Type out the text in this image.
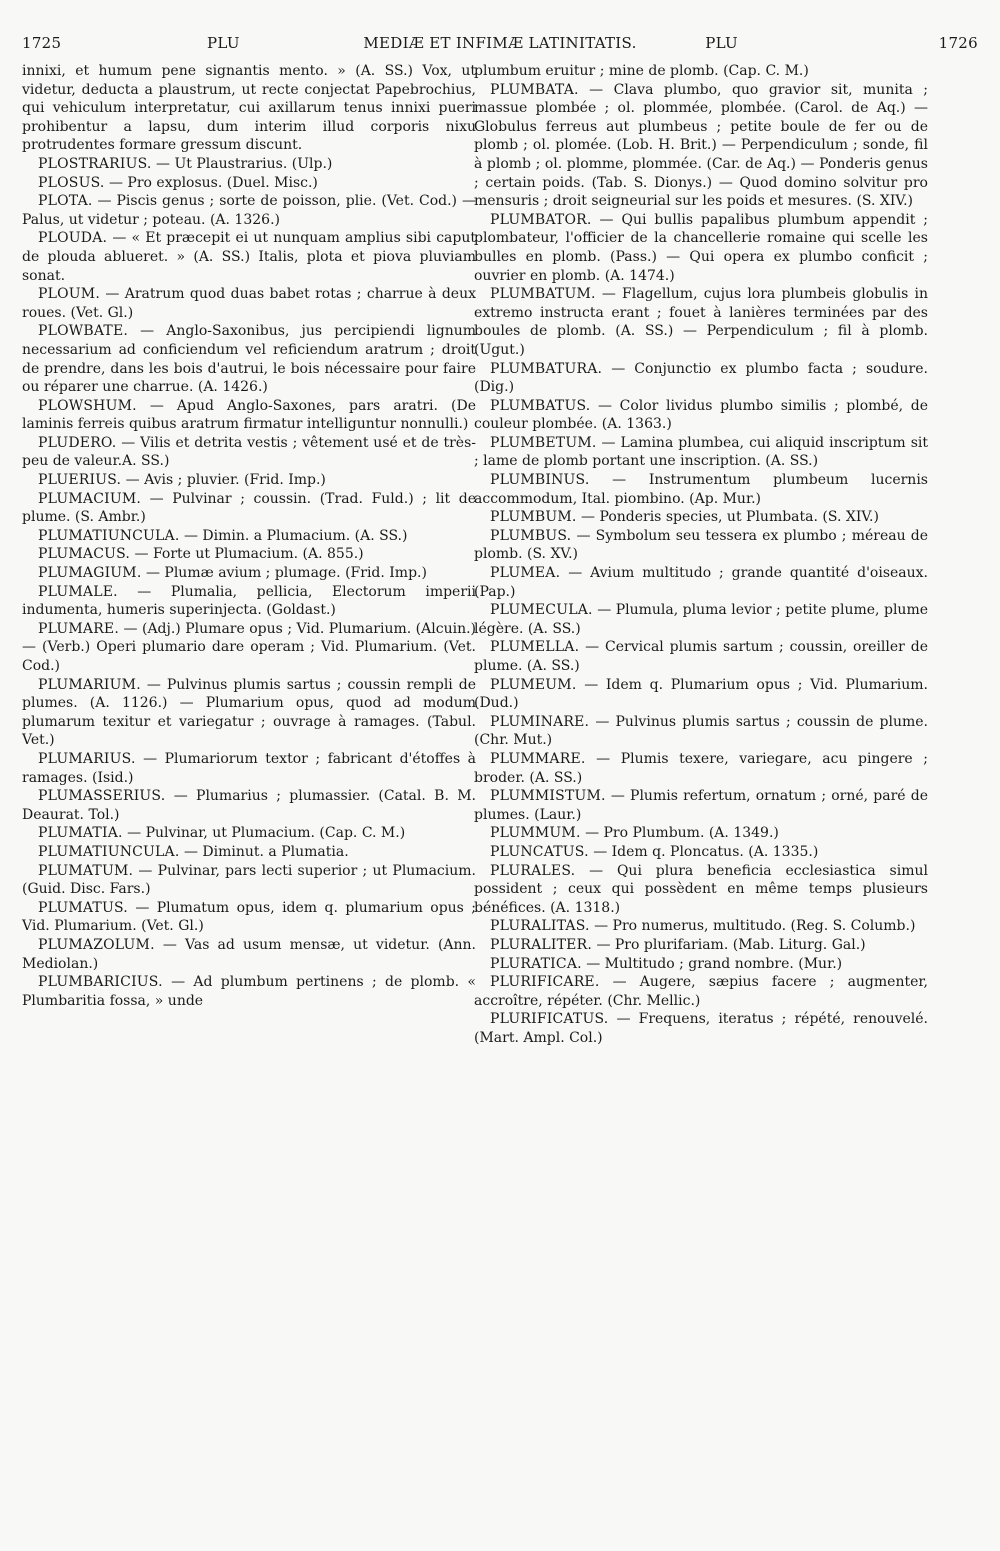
1725	PLU	MEDIÆ ET INFIMÆ LATINITATIS.	PLU	1726

innixi, et humum pene signantis mento. » (A. SS.) Vox, ut videtur, deducta a plaustrum, ut recte conjectat Papebrochius, qui vehiculum interpretatur, cui axillarum tenus innixi pueri prohibentur a lapsu, dum interim illud corporis nixu protrudentes formare gressum discunt.

PLOSTRARIUS. — Ut Plaustrarius. (Ulp.)

PLOSUS. — Pro explosus. (Duel. Misc.)

PLOTA. — Piscis genus ; sorte de poisson, plie. (Vet. Cod.) — Palus, ut videtur ; poteau. (A. 1326.)

PLOUDA. — « Et præcepit ei ut nunquam amplius sibi caput de plouda ablueret. » (A. SS.) Italis, plota et piova pluviam sonat.

PLOUM. — Aratrum quod duas babet rotas ; charrue à deux roues. (Vet. Gl.)

PLOWBATE. — Anglo-Saxonibus, jus percipiendi lignum necessarium ad conficiendum vel reficiendum aratrum ; droit de prendre, dans les bois d'autrui, le bois nécessaire pour faire ou réparer une charrue. (A. 1426.)

PLOWSHUM. — Apud Anglo-Saxones, pars aratri. (De laminis ferreis quibus aratrum firmatur intelliguntur nonnulli.)

PLUDERO. — Vilis et detrita vestis ; vêtement usé et de très-peu de valeur.A. SS.)

PLUERIUS. — Avis ; pluvier. (Frid. Imp.)

PLUMACIUM. — Pulvinar ; coussin. (Trad. Fuld.) ; lit de plume. (S. Ambr.)

PLUMATIUNCULA. — Dimin. a Plumacium. (A. SS.)

PLUMACUS. — Forte ut Plumacium. (A. 855.)

PLUMAGIUM. — Plumæ avium ; plumage. (Frid. Imp.)

PLUMALE. — Plumalia, pellicia, Electorum imperii indumenta, humeris superinjecta. (Goldast.)

PLUMARE. — (Adj.) Plumare opus ; Vid. Plumarium. (Alcuin.) — (Verb.) Operi plumario dare operam ; Vid. Plumarium. (Vet. Cod.)

PLUMARIUM. — Pulvinus plumis sartus ; coussin rempli de plumes. (A. 1126.) — Plumarium opus, quod ad modum plumarum texitur et variegatur ; ouvrage à ramages. (Tabul. Vet.)

PLUMARIUS. — Plumariorum textor ; fabricant d'étoffes à ramages. (Isid.)

PLUMASSERIUS. — Plumarius ; plumassier. (Catal. B. M. Deaurat. Tol.)

PLUMATIA. — Pulvinar, ut Plumacium. (Cap. C. M.)

PLUMATIUNCULA. — Diminut. a Plumatia.

PLUMATUM. — Pulvinar, pars lecti superior ; ut Plumacium. (Guid. Disc. Fars.)

PLUMATUS. — Plumatum opus, idem q. plumarium opus ; Vid. Plumarium. (Vet. Gl.)

PLUMAZOLUM. — Vas ad usum mensæ, ut videtur. (Ann. Mediolan.)

PLUMBARICIUS. — Ad plumbum pertinens ; de plomb. « Plumbaritia fossa, » unde

plumbum eruitur ; mine de plomb. (Cap. C. M.)

PLUMBATA. — Clava plumbo, quo gravior sit, munita ; massue plombée ; ol. plommée, plombée. (Carol. de Aq.) — Globulus ferreus aut plumbeus ; petite boule de fer ou de plomb ; ol. plomée. (Lob. H. Brit.) — Perpendiculum ; sonde, fil à plomb ; ol. plomme, plommée. (Car. de Aq.) — Ponderis genus ; certain poids. (Tab. S. Dionys.) — Quod domino solvitur pro mensuris ; droit seigneurial sur les poids et mesures. (S. XIV.)

PLUMBATOR. — Qui bullis papalibus plumbum appendit ; plombateur, l'officier de la chancellerie romaine qui scelle les bulles en plomb. (Pass.) — Qui opera ex plumbo conficit ; ouvrier en plomb. (A. 1474.)

PLUMBATUM. — Flagellum, cujus lora plumbeis globulis in extremo instructa erant ; fouet à lanières terminées par des boules de plomb. (A. SS.) — Perpendiculum ; fil à plomb. (Ugut.)

PLUMBATURA. — Conjunctio ex plumbo facta ; soudure. (Dig.)

PLUMBATUS. — Color lividus plumbo similis ; plombé, de couleur plombée. (A. 1363.)

PLUMBETUM. — Lamina plumbea, cui aliquid inscriptum sit ; lame de plomb portant une inscription. (A. SS.)

PLUMBINUS. — Instrumentum plumbeum lucernis accommodum, Ital. piombino. (Ap. Mur.)

PLUMBUM. — Ponderis species, ut Plumbata. (S. XIV.)

PLUMBUS. — Symbolum seu tessera ex plumbo ; méreau de plomb. (S. XV.)

PLUMEA. — Avium multitudo ; grande quantité d'oiseaux. (Pap.)

PLUMECULA. — Plumula, pluma levior ; petite plume, plume légère. (A. SS.)

PLUMELLA. — Cervical plumis sartum ; coussin, oreiller de plume. (A. SS.)

PLUMEUM. — Idem q. Plumarium opus ; Vid. Plumarium. (Dud.)

PLUMINARE. — Pulvinus plumis sartus ; coussin de plume. (Chr. Mut.)

PLUMMARE. — Plumis texere, variegare, acu pingere ; broder. (A. SS.)

PLUMMISTUM. — Plumis refertum, ornatum ; orné, paré de plumes. (Laur.)

PLUMMUM. — Pro Plumbum. (A. 1349.)

PLUNCATUS. — Idem q. Ploncatus. (A. 1335.)

PLURALES. — Qui plura beneficia ecclesiastica simul possident ; ceux qui possèdent en même temps plusieurs bénéfices. (A. 1318.)

PLURALITAS. — Pro numerus, multitudo. (Reg. S. Columb.)

PLURALITER. — Pro plurifariam. (Mab. Liturg. Gal.)

PLURATICA. — Multitudo ; grand nombre. (Mur.)

PLURIFICARE. — Augere, sæpius facere ; augmenter, accroître, répéter. (Chr. Mellic.)

PLURIFICATUS. — Frequens, iteratus ; répété, renouvelé. (Mart. Ampl. Col.)
